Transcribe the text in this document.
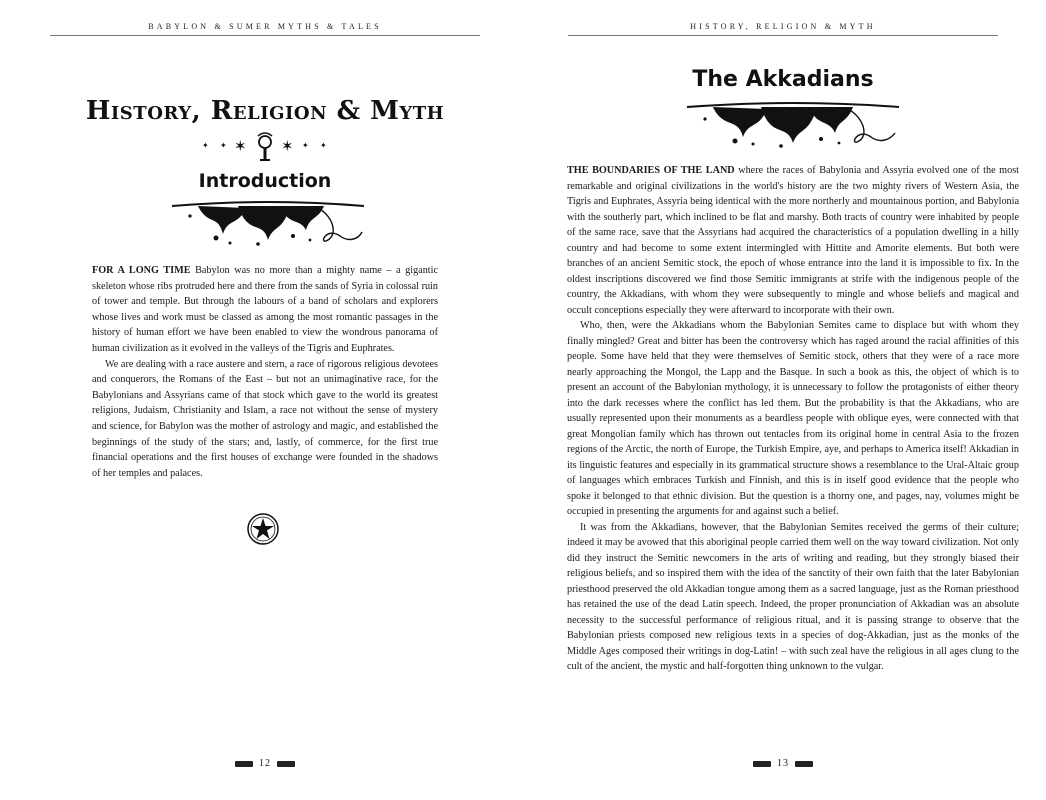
BABYLON & SUMER MYTHS & TALES
History, Religion & Myth
✦ ✦ ✶ ✶ ✦ ✦
Introduction

FOR A LONG TIME Babylon was no more than a mighty name – a gigantic skeleton whose ribs protruded here and there from the sands of Syria in colossal ruin of tower and temple. But through the labours of a band of scholars and explorers whose lives and work must be classed as among the most romantic passages in the history of human effort we have been enabled to view the wondrous panorama of human civilization as it evolved in the valleys of the Tigris and Euphrates.

We are dealing with a race austere and stern, a race of rigorous religious devotees and conquerors, the Romans of the East – but not an unimaginative race, for the Babylonians and Assyrians came of that stock which gave to the world its greatest religions, Judaism, Christianity and Islam, a race not without the sense of mystery and science, for Babylon was the mother of astrology and magic, and established the beginnings of the study of the stars; and, lastly, of commerce, for the first true financial operations and the first houses of exchange were founded in the shadows of her temples and palaces.

12
HISTORY, RELIGION & MYTH
The Akkadians

THE BOUNDARIES OF THE LAND where the races of Babylonia and Assyria evolved one of the most remarkable and original civilizations in the world's history are the two mighty rivers of Western Asia, the Tigris and Euphrates, Assyria being identical with the more northerly and mountainous portion, and Babylonia with the southerly part, which inclined to be flat and marshy. Both tracts of country were inhabited by people of the same race, save that the Assyrians had acquired the characteristics of a population dwelling in a hilly country and had become to some extent intermingled with Hittite and Amorite elements. But both were branches of an ancient Semitic stock, the epoch of whose entrance into the land it is impossible to fix. In the oldest inscriptions discovered we find those Semitic immigrants at strife with the indigenous people of the country, the Akkadians, with whom they were subsequently to mingle and whose beliefs and magical and occult conceptions especially they were afterward to incorporate with their own.

Who, then, were the Akkadians whom the Babylonian Semites came to displace but with whom they finally mingled? Great and bitter has been the controversy which has raged around the racial affinities of this people. Some have held that they were themselves of Semitic stock, others that they were of a race more nearly approaching the Mongol, the Lapp and the Basque. In such a book as this, the object of which is to present an account of the Babylonian mythology, it is unnecessary to follow the protagonists of either theory into the dark recesses where the conflict has led them. But the probability is that the Akkadians, who are usually represented upon their monuments as a beardless people with oblique eyes, were connected with that great Mongolian family which has thrown out tentacles from its original home in central Asia to the frozen regions of the Arctic, the north of Europe, the Turkish Empire, aye, and perhaps to America itself! Akkadian in its linguistic features and especially in its grammatical structure shows a resemblance to the Ural-Altaic group of languages which embraces Turkish and Finnish, and this is in itself good evidence that the people who spoke it belonged to that ethnic division. But the question is a thorny one, and pages, nay, volumes might be occupied in presenting the arguments for and against such a belief.

It was from the Akkadians, however, that the Babylonian Semites received the germs of their culture; indeed it may be avowed that this aboriginal people carried them well on the way toward civilization. Not only did they instruct the Semitic newcomers in the arts of writing and reading, but they strongly biased their religious beliefs, and so inspired them with the idea of the sanctity of their own faith that the later Babylonian priesthood preserved the old Akkadian tongue among them as a sacred language, just as the Roman priesthood has retained the use of the dead Latin speech. Indeed, the proper pronunciation of Akkadian was an absolute necessity to the successful performance of religious ritual, and it is passing strange to observe that the Babylonian priests composed new religious texts in a species of dog-Akkadian, just as the monks of the Middle Ages composed their writings in dog-Latin! – with such zeal have the religious in all ages clung to the cult of the ancient, the mystic and half-forgotten thing unknown to the vulgar.

13
